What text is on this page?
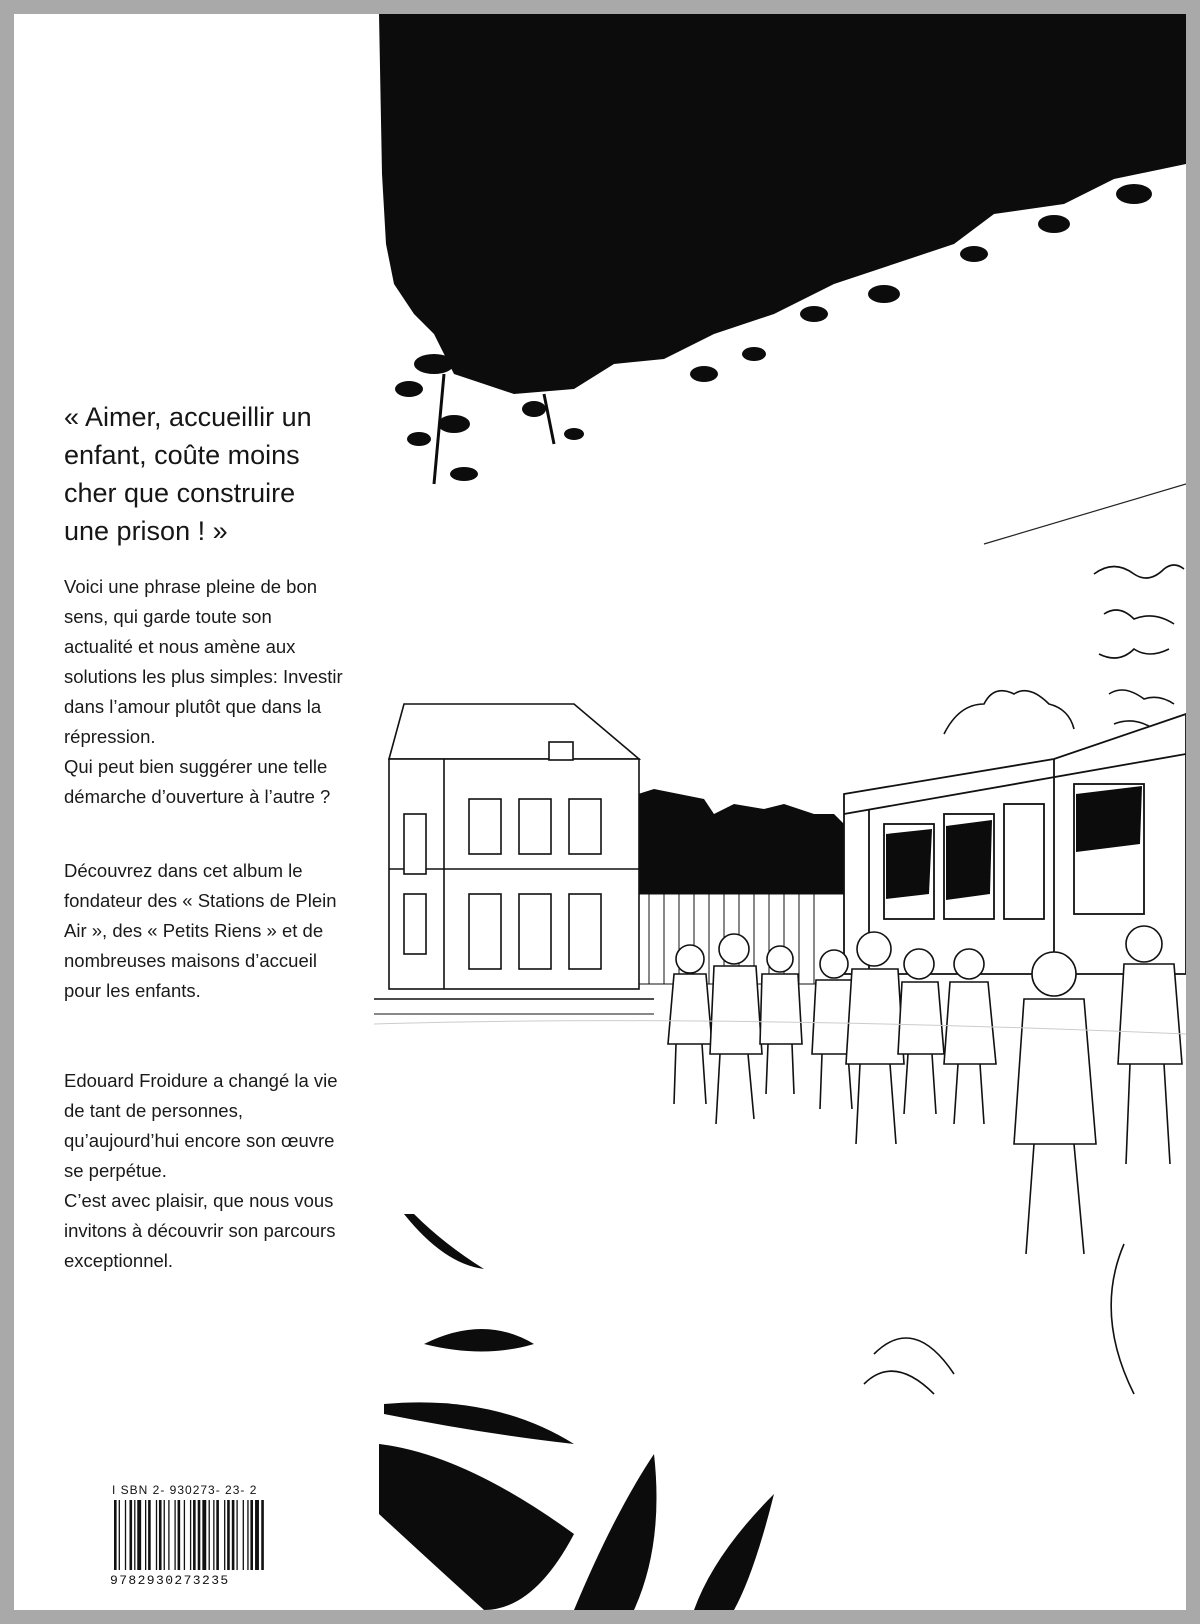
« Aimer, accueillir un
enfant, coûte moins
cher que construire
une prison ! »

Voici une phrase pleine de bon
sens, qui garde toute son
actualité et nous amène aux
solutions les plus simples: Investir
dans l’amour plutôt que dans la
répression.
Qui peut bien suggérer une telle
démarche d’ouverture à l’autre ?

Découvrez dans cet album le
fondateur des « Stations de Plein
Air », des « Petits Riens » et de
nombreuses maisons d’accueil
pour les enfants.

Edouard Froidure a changé la vie
de tant de personnes,
qu’aujourd’hui encore son œuvre
se perpétue.
C’est avec plaisir, que nous vous
invitons à découvrir son parcours
exceptionnel.

I SBN 2- 930273- 23- 2
9782930273235
